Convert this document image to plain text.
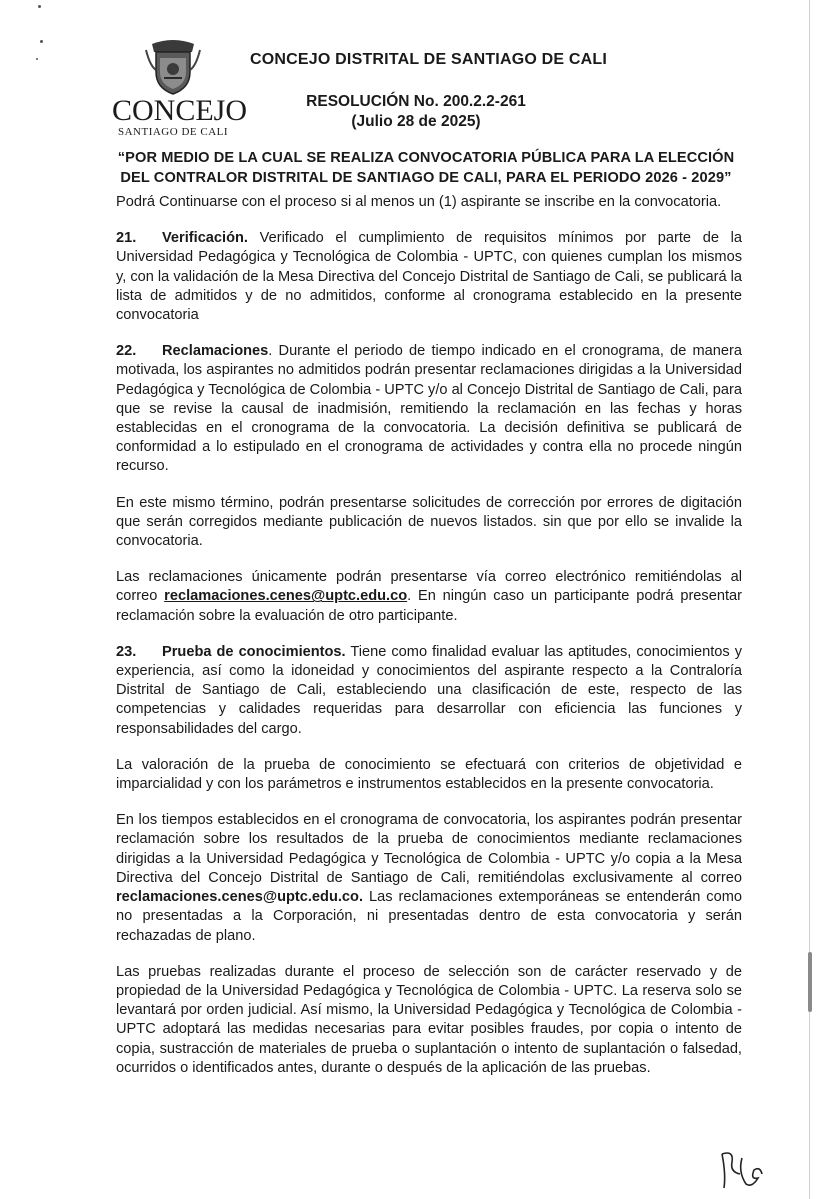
CONCEJO
SANTIAGO DE CALI
CONCEJO DISTRITAL DE SANTIAGO DE CALI
RESOLUCIÓN No. 200.2.2-261
(Julio 28 de 2025)
“POR MEDIO DE LA CUAL SE REALIZA CONVOCATORIA PÚBLICA PARA LA ELECCIÓN DEL CONTRALOR DISTRITAL DE SANTIAGO DE CALI, PARA EL PERIODO 2026 - 2029”

Podrá Continuarse con el proceso si al menos un (1) aspirante se inscribe en la convocatoria.

21. Verificación. Verificado el cumplimiento de requisitos mínimos por parte de la Universidad Pedagógica y Tecnológica de Colombia - UPTC, con quienes cumplan los mismos y, con la validación de la Mesa Directiva del Concejo Distrital de Santiago de Cali, se publicará la lista de admitidos y de no admitidos, conforme al cronograma establecido en la presente convocatoria

22. Reclamaciones. Durante el periodo de tiempo indicado en el cronograma, de manera motivada, los aspirantes no admitidos podrán presentar reclamaciones dirigidas a la Universidad Pedagógica y Tecnológica de Colombia - UPTC y/o al Concejo Distrital de Santiago de Cali, para que se revise la causal de inadmisión, remitiendo la reclamación en las fechas y horas establecidas en el cronograma de la convocatoria. La decisión definitiva se publicará de conformidad a lo estipulado en el cronograma de actividades y contra ella no procede ningún recurso.

En este mismo término, podrán presentarse solicitudes de corrección por errores de digitación que serán corregidos mediante publicación de nuevos listados. sin que por ello se invalide la convocatoria.

Las reclamaciones únicamente podrán presentarse vía correo electrónico remitiéndolas al correo reclamaciones.cenes@uptc.edu.co. En ningún caso un participante podrá presentar reclamación sobre la evaluación de otro participante.

23. Prueba de conocimientos. Tiene como finalidad evaluar las aptitudes, conocimientos y experiencia, así como la idoneidad y conocimientos del aspirante respecto a la Contraloría Distrital de Santiago de Cali, estableciendo una clasificación de este, respecto de las competencias y calidades requeridas para desarrollar con eficiencia las funciones y responsabilidades del cargo.

La valoración de la prueba de conocimiento se efectuará con criterios de objetividad e imparcialidad y con los parámetros e instrumentos establecidos en la presente convocatoria.

En los tiempos establecidos en el cronograma de convocatoria, los aspirantes podrán presentar reclamación sobre los resultados de la prueba de conocimientos mediante reclamaciones dirigidas a la Universidad Pedagógica y Tecnológica de Colombia - UPTC y/o copia a la Mesa Directiva del Concejo Distrital de Santiago de Cali, remitiéndolas exclusivamente al correo reclamaciones.cenes@uptc.edu.co. Las reclamaciones extemporáneas se entenderán como no presentadas a la Corporación, ni presentadas dentro de esta convocatoria y serán rechazadas de plano.

Las pruebas realizadas durante el proceso de selección son de carácter reservado y de propiedad de la Universidad Pedagógica y Tecnológica de Colombia - UPTC. La reserva solo se levantará por orden judicial. Así mismo, la Universidad Pedagógica y Tecnológica de Colombia - UPTC adoptará las medidas necesarias para evitar posibles fraudes, por copia o intento de copia, sustracción de materiales de prueba o suplantación o intento de suplantación o falsedad, ocurridos o identificados antes, durante o después de la aplicación de las pruebas.
